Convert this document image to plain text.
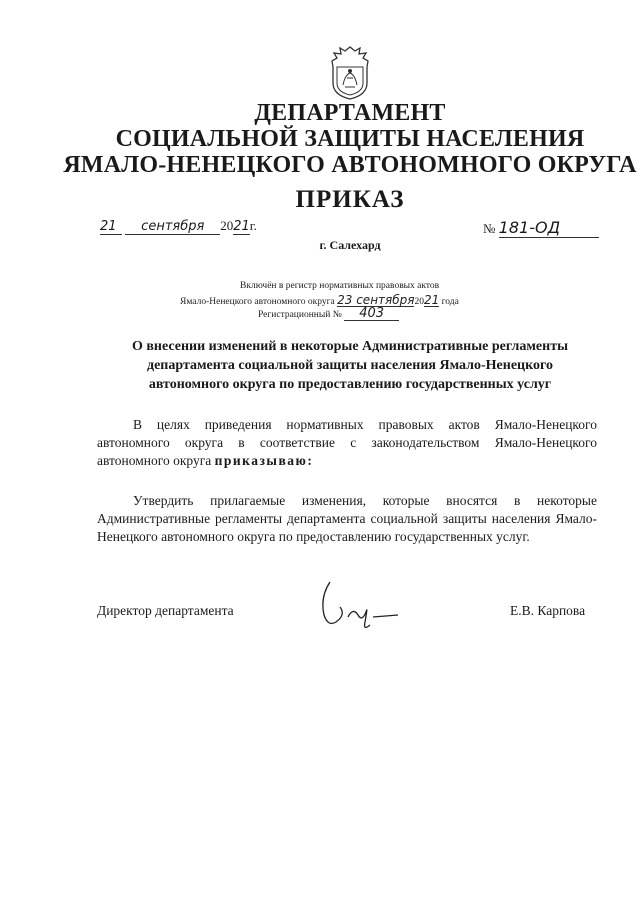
ДЕПАРТАМЕНТ
СОЦИАЛЬНОЙ ЗАЩИТЫ НАСЕЛЕНИЯ
ЯМАЛО-НЕНЕЦКОГО АВТОНОМНОГО ОКРУГА
ПРИКАЗ
21 сентября 2021г.	№ 181-ОД
г. Салехард
Включён в регистр нормативных правовых актов
Ямало-Ненецкого автономного округа 23 сентября2021 года
Регистрационный № 403
О внесении изменений в некоторые Административные регламенты департамента социальной защиты населения Ямало-Ненецкого автономного округа по предоставлению государственных услуг
В целях приведения нормативных правовых актов Ямало-Ненецкого автономного округа в соответствие с законодательством Ямало-Ненецкого автономного округа приказываю:
Утвердить прилагаемые изменения, которые вносятся в некоторые Административные регламенты департамента социальной защиты населения Ямало-Ненецкого автономного округа по предоставлению государственных услуг.
Директор департамента	Е.В. Карпова
